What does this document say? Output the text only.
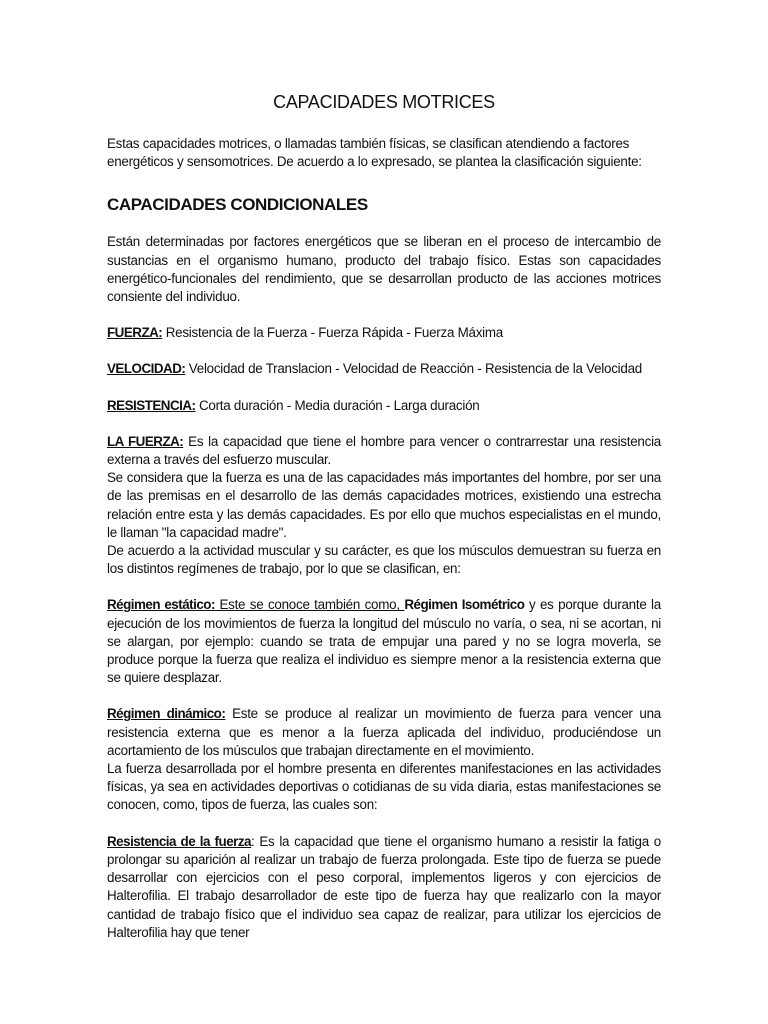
CAPACIDADES MOTRICES

Estas capacidades motrices, o llamadas también físicas, se clasifican atendiendo a factores energéticos y sensomotrices. De acuerdo a lo expresado, se plantea la clasificación siguiente:

CAPACIDADES CONDICIONALES

Están determinadas por factores energéticos que se liberan en el proceso de intercambio de sustancias en el organismo humano, producto del trabajo físico. Estas son capacidades energético-funcionales del rendimiento, que se desarrollan producto de las acciones motrices consiente del individuo.

FUERZA: Resistencia de la Fuerza - Fuerza Rápida - Fuerza Máxima

VELOCIDAD: Velocidad de Translacion - Velocidad de Reacción - Resistencia de la Velocidad

RESISTENCIA: Corta duración - Media duración - Larga duración

LA FUERZA: Es la capacidad que tiene el hombre para vencer o contrarrestar una resistencia externa a través del esfuerzo muscular.

Se considera que la fuerza es una de las capacidades más importantes del hombre, por ser una de las premisas en el desarrollo de las demás capacidades motrices, existiendo una estrecha relación entre esta y las demás capacidades. Es por ello que muchos especialistas en el mundo, le llaman "la capacidad madre".

De acuerdo a la actividad muscular y su carácter, es que los músculos demuestran su fuerza en los distintos regímenes de trabajo, por lo que se clasifican, en:

Régimen estático: Este se conoce también como, Régimen Isométrico y es porque durante la ejecución de los movimientos de fuerza la longitud del músculo no varía, o sea, ni se acortan, ni se alargan, por ejemplo: cuando se trata de empujar una pared y no se logra moverla, se produce porque la fuerza que realiza el individuo es siempre menor a la resistencia externa que se quiere desplazar.

Régimen dinámico: Este se produce al realizar un movimiento de fuerza para vencer una resistencia externa que es menor a la fuerza aplicada del individuo, produciéndose un acortamiento de los músculos que trabajan directamente en el movimiento.

La fuerza desarrollada por el hombre presenta en diferentes manifestaciones en las actividades físicas, ya sea en actividades deportivas o cotidianas de su vida diaria, estas manifestaciones se conocen, como, tipos de fuerza, las cuales son:

Resistencia de la fuerza: Es la capacidad que tiene el organismo humano a resistir la fatiga o prolongar su aparición al realizar un trabajo de fuerza prolongada. Este tipo de fuerza se puede desarrollar con ejercicios con el peso corporal, implementos ligeros y con ejercicios de Halterofilia. El trabajo desarrollador de este tipo de fuerza hay que realizarlo con la mayor cantidad de trabajo físico que el individuo sea capaz de realizar, para utilizar los ejercicios de Halterofilia hay que tener
